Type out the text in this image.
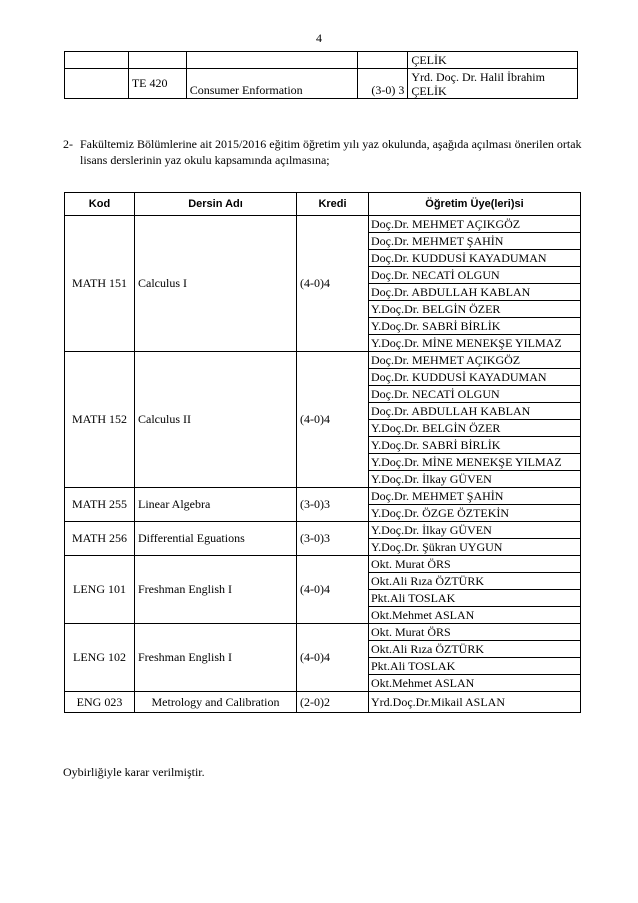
4
				ÇELİK
	TE 420	Consumer Enformation	(3-0) 3	Yrd. Doç. Dr. Halil İbrahim
ÇELİK
2- Fakültemiz Bölümlerine ait 2015/2016 eğitim öğretim yılı yaz okulunda, aşağıda açılması önerilen ortak lisans derslerinin yaz okulu kapsamında açılmasına;
Kod	Dersin Adı	Kredi	Öğretim Üye(leri)si
MATH 151	Calculus I	(4-0)4	Doç.Dr. MEHMET AÇIKGÖZ
			Doç.Dr. MEHMET ŞAHİN
			Doç.Dr. KUDDUSİ KAYADUMAN
			Doç.Dr. NECATİ OLGUN
			Doç.Dr. ABDULLAH KABLAN
			Y.Doç.Dr. BELGİN ÖZER
			Y.Doç.Dr. SABRİ BİRLİK
			Y.Doç.Dr. MİNE MENEKŞE YILMAZ
MATH 152	Calculus II	(4-0)4	Doç.Dr. MEHMET AÇIKGÖZ
			Doç.Dr. KUDDUSİ KAYADUMAN
			Doç.Dr. NECATİ OLGUN
			Doç.Dr. ABDULLAH KABLAN
			Y.Doç.Dr. BELGİN ÖZER
			Y.Doç.Dr. SABRİ BİRLİK
			Y.Doç.Dr. MİNE MENEKŞE YILMAZ
			Y.Doç.Dr. İlkay GÜVEN
MATH 255	Linear Algebra	(3-0)3	Doç.Dr. MEHMET ŞAHİN
			Y.Doç.Dr. ÖZGE ÖZTEKİN
MATH 256	Differential Eguations	(3-0)3	Y.Doç.Dr. İlkay GÜVEN
			Y.Doç.Dr. Şükran UYGUN
LENG 101	Freshman English I	(4-0)4	Okt. Murat ÖRS
			Okt.Ali Rıza ÖZTÜRK
			Pkt.Ali TOSLAK
			Okt.Mehmet ASLAN
LENG 102	Freshman English I	(4-0)4	Okt. Murat ÖRS
			Okt.Ali Rıza ÖZTÜRK
			Pkt.Ali TOSLAK
			Okt.Mehmet ASLAN
ENG 023	Metrology and Calibration	(2-0)2	Yrd.Doç.Dr.Mikail ASLAN
Oybirliğiyle karar verilmiştir.
